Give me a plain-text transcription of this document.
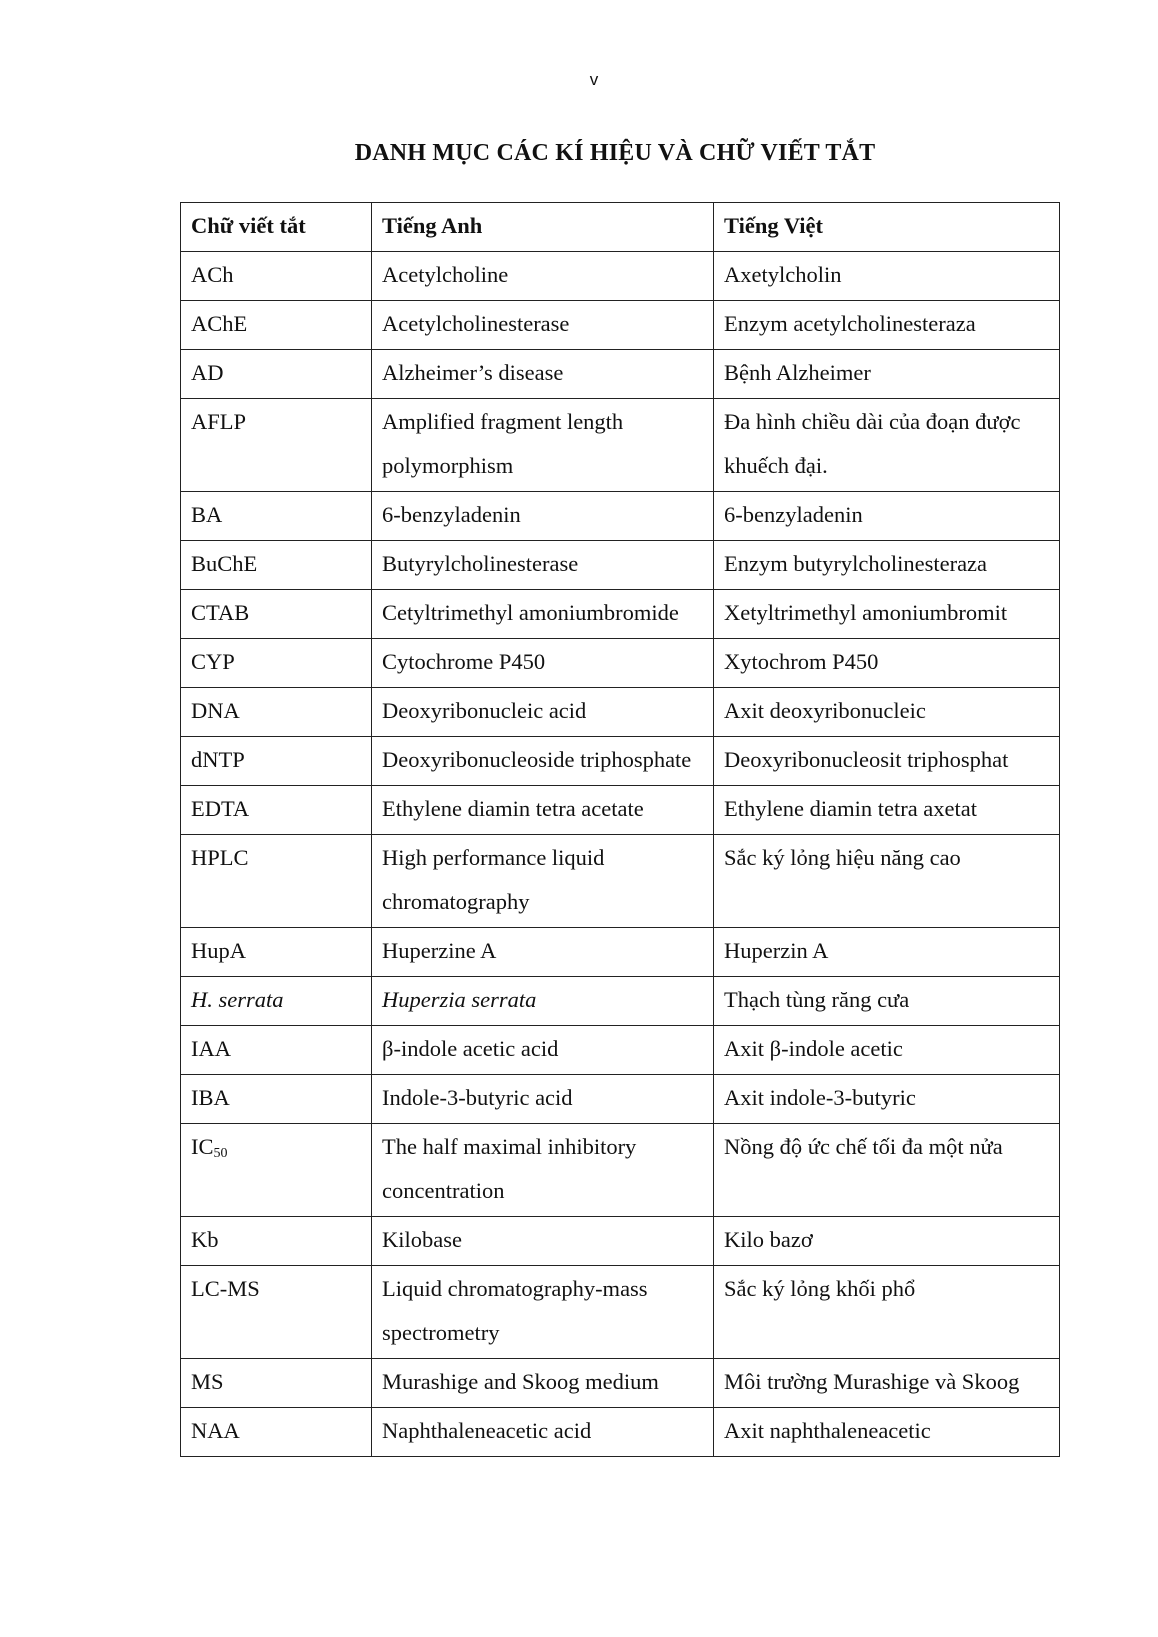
v
DANH MỤC CÁC KÍ HIỆU VÀ CHỮ VIẾT TẮT
Chữ viết tắt	Tiếng Anh	Tiếng Việt
ACh	Acetylcholine	Axetylcholin
AChE	Acetylcholinesterase	Enzym acetylcholinesteraza
AD	Alzheimer’s disease	Bệnh Alzheimer
AFLP	Amplified fragment length polymorphism	Đa hình chiều dài của đoạn được khuếch đại.
BA	6-benzyladenin	6-benzyladenin
BuChE	Butyrylcholinesterase	Enzym butyrylcholinesteraza
CTAB	Cetyltrimethyl amoniumbromide	Xetyltrimethyl amoniumbromit
CYP	Cytochrome P450	Xytochrom P450
DNA	Deoxyribonucleic acid	Axit deoxyribonucleic
dNTP	Deoxyribonucleoside triphosphate	Deoxyribonucleosit triphosphat
EDTA	Ethylene diamin tetra acetate	Ethylene diamin tetra axetat
HPLC	High performance liquid chromatography	Sắc ký lỏng hiệu năng cao
HupA	Huperzine A	Huperzin A
H. serrata	Huperzia serrata	Thạch tùng răng cưa
IAA	β-indole acetic acid	Axit β-indole acetic
IBA	Indole-3-butyric acid	Axit indole-3-butyric
$IC_{50}$	The half maximal inhibitory concentration	Nồng độ ức chế tối đa một nửa
Kb	Kilobase	Kilo bazơ
LC-MS	Liquid chromatography-mass spectrometry	Sắc ký lỏng khối phổ
MS	Murashige and Skoog medium	Môi trường Murashige và Skoog
NAA	Naphthaleneacetic acid	Axit naphthaleneacetic
